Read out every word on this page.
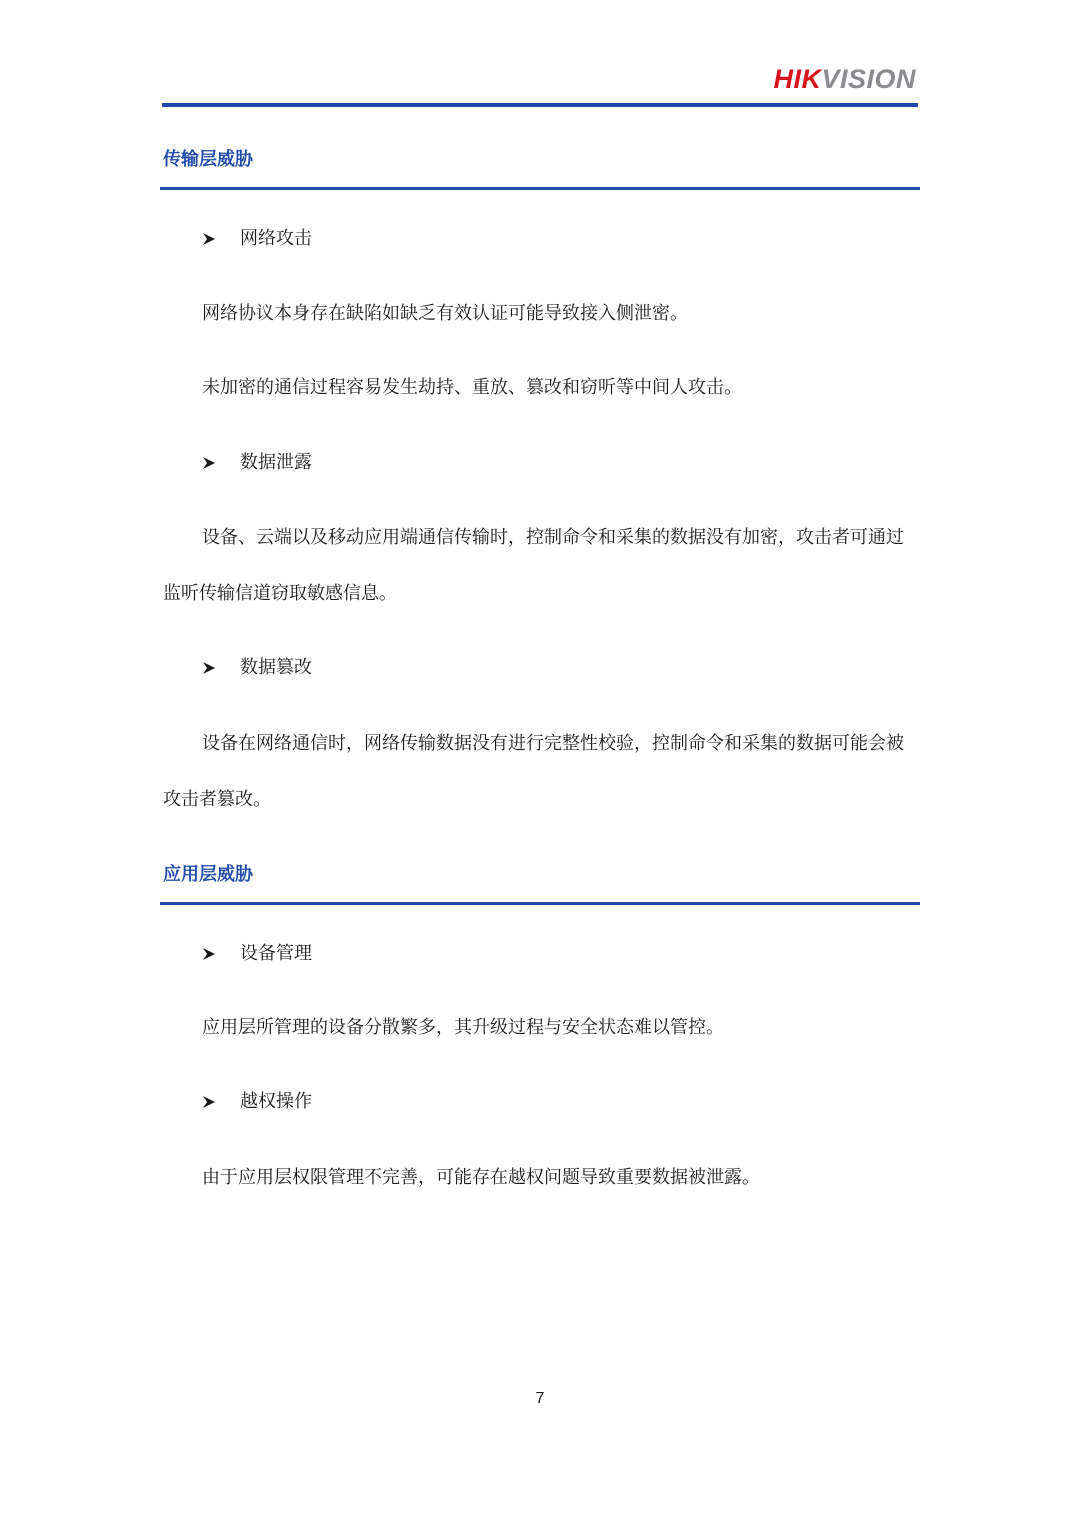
HIKVISION
传输层威胁
网络攻击
网络协议本身存在缺陷如缺乏有效认证可能导致接入侧泄密。
未加密的通信过程容易发生劫持、重放、篡改和窃听等中间人攻击。
数据泄露
设备、云端以及移动应用端通信传输时，控制命令和采集的数据没有加密，攻击者可通过监听传输信道窃取敏感信息。
数据篡改
设备在网络通信时，网络传输数据没有进行完整性校验，控制命令和采集的数据可能会被攻击者篡改。
应用层威胁
设备管理
应用层所管理的设备分散繁多，其升级过程与安全状态难以管控。
越权操作
由于应用层权限管理不完善，可能存在越权问题导致重要数据被泄露。
7
